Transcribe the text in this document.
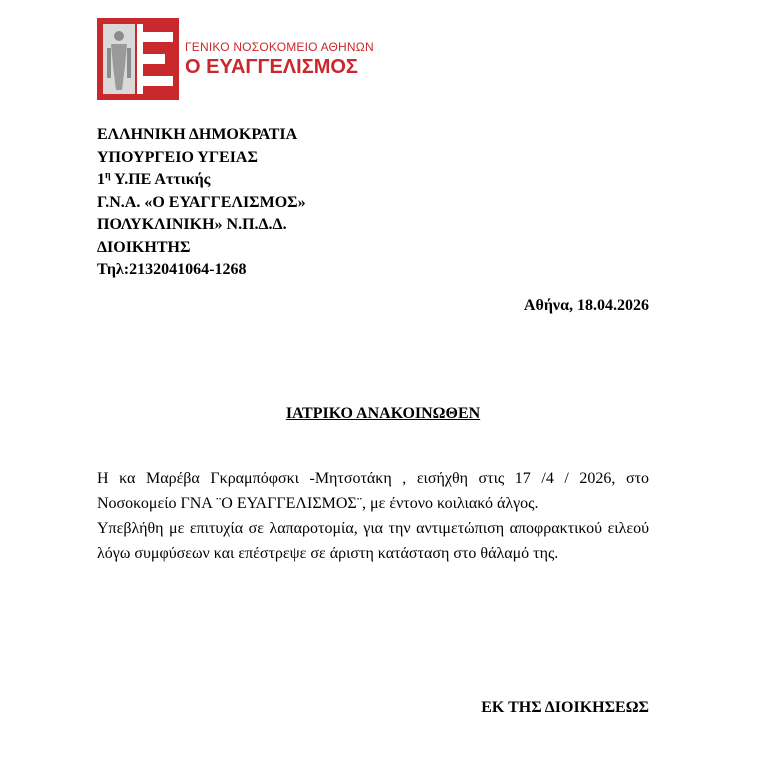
ΓΕΝΙΚΟ ΝΟΣΟΚΟΜΕΙΟ ΑΘΗΝΩΝ
Ο ΕΥΑΓΓΕΛΙΣΜΟΣ
ΕΛΛΗΝΙΚΗ ΔΗΜΟΚΡΑΤΙΑ
ΥΠΟΥΡΓΕΙΟ ΥΓΕΙΑΣ
$1^\eta$ Υ.ΠΕ Αττικής
Γ.Ν.Α. «Ο ΕΥΑΓΓΕΛΙΣΜΟΣ»
ΠΟΛΥΚΛΙΝΙΚΗ» Ν.Π.Δ.Δ.
ΔΙΟΙΚΗΤΗΣ
Τηλ:2132041064-1268
Αθήνα, 18.04.2026
ΙΑΤΡΙΚΟ ΑΝΑΚΟΙΝΩΘΕΝ

Η κα Μαρέβα Γκραμπόφσκι -Μητσοτάκη , εισήχθη στις 17 /4 / 2026, στο Νοσοκομείο ΓΝΑ ¨Ο ΕΥΑΓΓΕΛΙΣΜΟΣ¨, με έντονο κοιλιακό άλγος.

Υπεβλήθη με επιτυχία σε λαπαροτομία, για την αντιμετώπιση αποφρακτικού ειλεού λόγω συμφύσεων και επέστρεψε σε άριστη κατάσταση στο θάλαμό της.

ΕΚ ΤΗΣ ΔΙΟΙΚΗΣΕΩΣ
